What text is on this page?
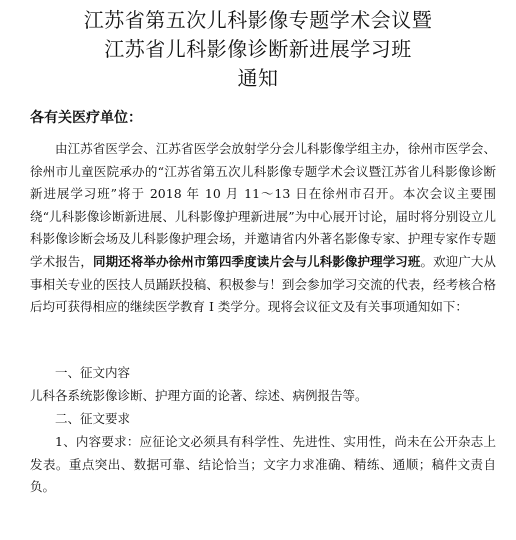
江苏省第五次儿科影像专题学术会议暨
江苏省儿科影像诊断新进展学习班
通知
各有关医疗单位：

由江苏省医学会、江苏省医学会放射学分会儿科影像学组主办，徐州市医学会、徐州市儿童医院承办的“江苏省第五次儿科影像专题学术会议暨江苏省儿科影像诊断新进展学习班”将于 2018 年 10 月 11～13 日在徐州市召开。本次会议主要围绕“儿科影像诊断新进展、儿科影像护理新进展”为中心展开讨论，届时将分别设立儿科影像诊断会场及儿科影像护理会场，并邀请省内外著名影像专家、护理专家作专题学术报告，同期还将举办徐州市第四季度读片会与儿科影像护理学习班。欢迎广大从事相关专业的医技人员踊跃投稿、积极参与！到会参加学习交流的代表，经考核合格后均可获得相应的继续医学教育 I 类学分。现将会议征文及有关事项通知如下：

一、征文内容

儿科各系统影像诊断、护理方面的论著、综述、病例报告等。

二、征文要求

1、内容要求：应征论文必须具有科学性、先进性、实用性，尚未在公开杂志上发表。重点突出、数据可靠、结论恰当；文字力求准确、精练、通顺；稿件文责自负。
